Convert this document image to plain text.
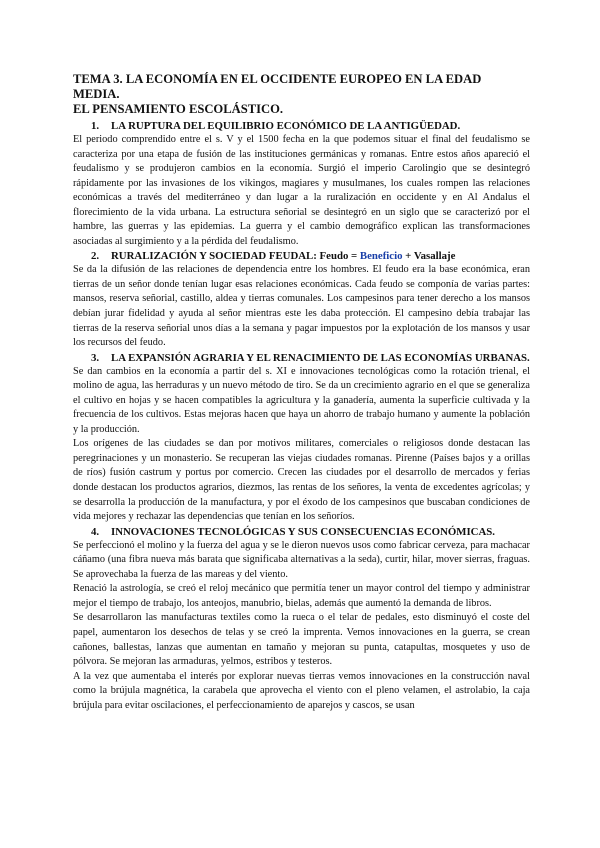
TEMA 3. LA ECONOMÍA EN EL OCCIDENTE EUROPEO EN LA EDAD MEDIA.
EL PENSAMIENTO ESCOLÁSTICO.
1.	LA RUPTURA DEL EQUILIBRIO ECONÓMICO DE LA ANTIGÜEDAD.

El periodo comprendido entre el s. V y el 1500 fecha en la que podemos situar el final del feudalismo se caracteriza por una etapa de fusión de las instituciones germánicas y romanas. Entre estos años apareció el feudalismo y se produjeron cambios en la economía. Surgió el imperio Carolingio que se desintegró rápidamente por las invasiones de los vikingos, magiares y musulmanes, los cuales rompen las relaciones económicas a través del mediterráneo y dan lugar a la ruralización en occidente y en Al Andalus el florecimiento de la vida urbana. La estructura señorial se desintegró en un siglo que se caracterizó por el hambre, las guerras y las epidemias. La guerra y el cambio demográfico explican las transformaciones asociadas al surgimiento y a la pérdida del feudalismo.

2.	RURALIZACIÓN Y SOCIEDAD FEUDAL: Feudo = Beneficio + Vasallaje

Se da la difusión de las relaciones de dependencia entre los hombres. El feudo era la base económica, eran tierras de un señor donde tenían lugar esas relaciones económicas. Cada feudo se componía de varias partes: mansos, reserva señorial, castillo, aldea y tierras comunales. Los campesinos para tener derecho a los mansos debían jurar fidelidad y ayuda al señor mientras este les daba protección. El campesino debía trabajar las tierras de la reserva señorial unos días a la semana y pagar impuestos por la explotación de los mansos y usar los recursos del feudo.

3.	LA EXPANSIÓN AGRARIA Y EL RENACIMIENTO DE LAS ECONOMÍAS URBANAS.

Se dan cambios en la economía a partir del s. XI e innovaciones tecnológicas como la rotación trienal, el molino de agua, las herraduras y un nuevo método de tiro. Se da un crecimiento agrario en el que se generaliza el cultivo en hojas y se hacen compatibles la agricultura y la ganadería, aumenta la superficie cultivada y la frecuencia de los cultivos. Estas mejoras hacen que haya un ahorro de trabajo humano y aumente la población y la producción.

Los orígenes de las ciudades se dan por motivos militares, comerciales o religiosos donde destacan las peregrinaciones y un monasterio. Se recuperan las viejas ciudades romanas. Pirenne (Países bajos y a orillas de ríos) fusión castrum y portus por comercio. Crecen las ciudades por el desarrollo de mercados y ferias donde destacan los productos agrarios, diezmos, las rentas de los señores, la venta de excedentes agrícolas; y se desarrolla la producción de la manufactura, y por el éxodo de los campesinos que buscaban condiciones de vida mejores y rechazar las dependencias que tenían en los señoríos.

4.	INNOVACIONES TECNOLÓGICAS Y SUS CONSECUENCIAS ECONÓMICAS.

Se perfeccionó el molino y la fuerza del agua y se le dieron nuevos usos como fabricar cerveza, para machacar cáñamo (una fibra nueva más barata que significaba alternativas a la seda), curtir, hilar, mover sierras, fraguas. Se aprovechaba la fuerza de las mareas y del viento.

Renació la astrología, se creó el reloj mecánico que permitía tener un mayor control del tiempo y administrar mejor el tiempo de trabajo, los anteojos, manubrio, bielas, además que aumentó la demanda de libros.

Se desarrollaron las manufacturas textiles como la rueca o el telar de pedales, esto disminuyó el coste del papel, aumentaron los desechos de telas y se creó la imprenta. Vemos innovaciones en la guerra, se crean cañones, ballestas, lanzas que aumentan en tamaño y mejoran su punta, catapultas, mosquetes y uso de pólvora. Se mejoran las armaduras, yelmos, estribos y testeros.

A la vez que aumentaba el interés por explorar nuevas tierras vemos innovaciones en la construcción naval como la brújula magnética, la carabela que aprovecha el viento con el pleno velamen, el astrolabio, la caja brújula para evitar oscilaciones, el perfeccionamiento de aparejos y cascos, se usan
